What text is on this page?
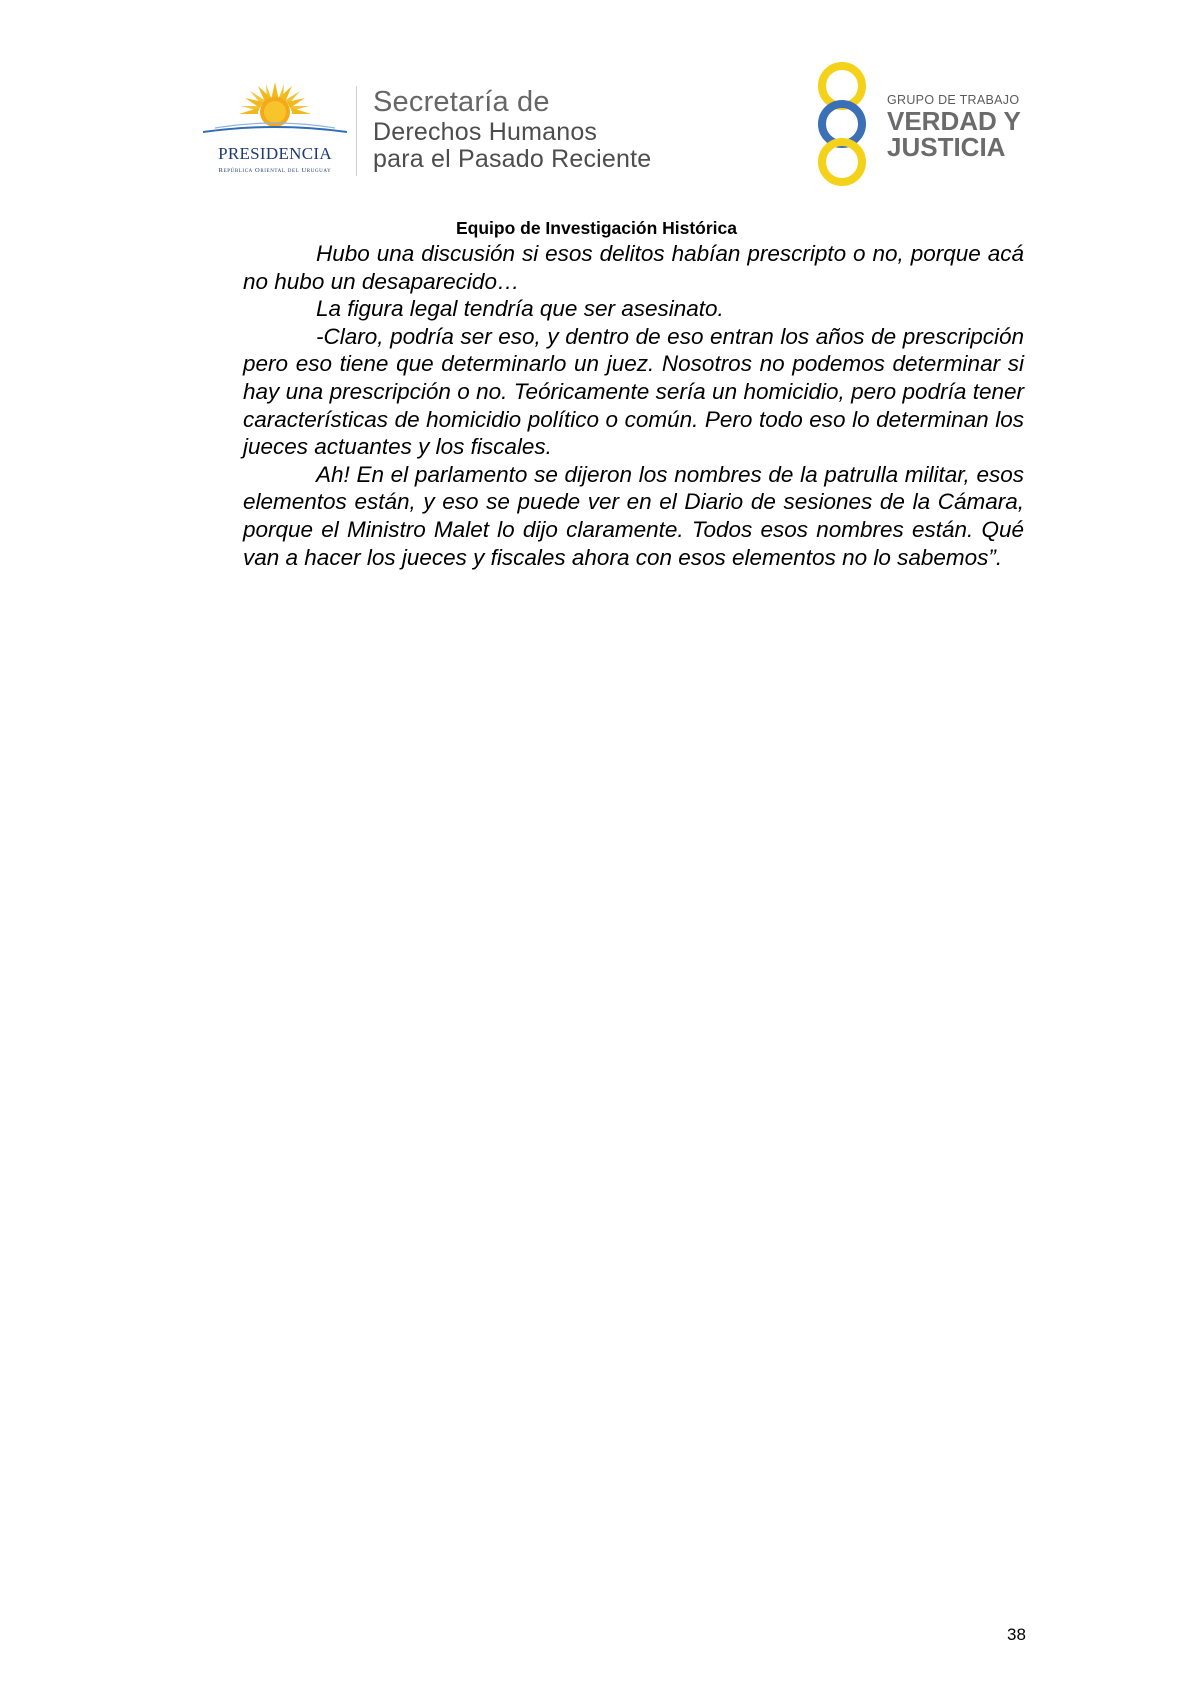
PRESIDENCIA
República Oriental del Uruguay
Secretaría de
Derechos Humanos
para el Pasado Reciente
GRUPO DE TRABAJO
VERDAD Y
JUSTICIA
Equipo de Investigación Histórica

Hubo una discusión si esos delitos habían prescripto o no, porque acá no hubo un desaparecido…

La figura legal tendría que ser asesinato.

-Claro, podría ser eso, y dentro de eso entran los años de prescripción pero eso tiene que determinarlo un juez. Nosotros no podemos determinar si hay una prescripción o no. Teóricamente sería un homicidio, pero podría tener características de homicidio político o común. Pero todo eso lo determinan los jueces actuantes y los fiscales.

Ah! En el parlamento se dijeron los nombres de la patrulla militar, esos elementos están, y eso se puede ver en el Diario de sesiones de la Cámara, porque el Ministro Malet lo dijo claramente. Todos esos nombres están. Qué van a hacer los jueces y fiscales ahora con esos elementos no lo sabemos”.

38
